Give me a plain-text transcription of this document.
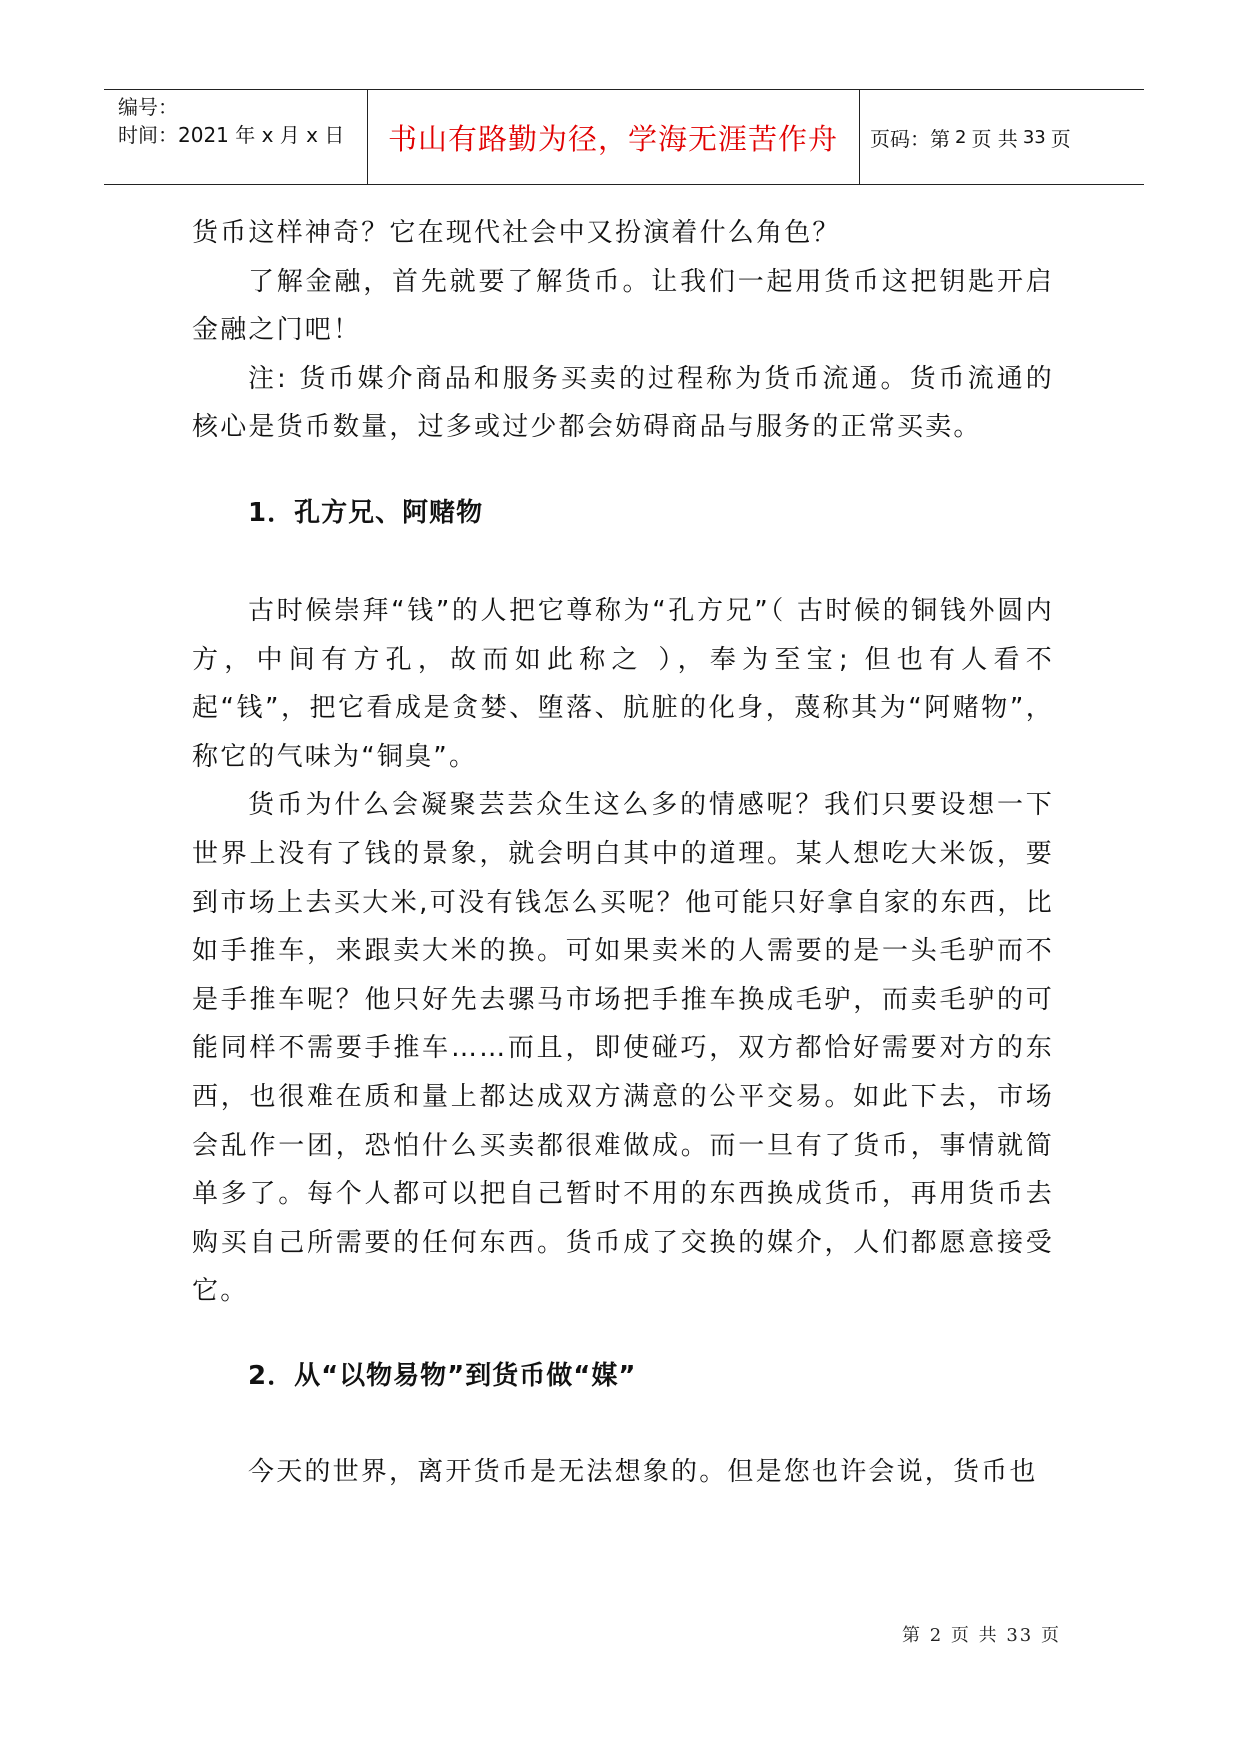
编号：
时间：2021 年 x 月 x 日	书山有路勤为径，学海无涯苦作舟	页码：第 2 页 共 33 页

货币这样神奇？它在现代社会中又扮演着什么角色？

了解金融，首先就要了解货币。让我们一起用货币这把钥匙开启金融之门吧！

注: 货币媒介商品和服务买卖的过程称为货币流通。货币流通的核心是货币数量，过多或过少都会妨碍商品与服务的正常买卖。

1．孔方兄、阿赌物

古时候崇拜“钱”的人把它尊称为“孔方兄”（ 古时候的铜钱外圆内方，中间有方孔，故而如此称之 ），奉为至宝; 但也有人看不起“钱”，把它看成是贪婪、堕落、肮脏的化身，蔑称其为“阿赌物”，称它的气味为“铜臭”。

货币为什么会凝聚芸芸众生这么多的情感呢？我们只要设想一下世界上没有了钱的景象，就会明白其中的道理。某人想吃大米饭，要到市场上去买大米,可没有钱怎么买呢？他可能只好拿自家的东西，比如手推车，来跟卖大米的换。可如果卖米的人需要的是一头毛驴而不是手推车呢？他只好先去骡马市场把手推车换成毛驴，而卖毛驴的可能同样不需要手推车……而且，即使碰巧，双方都恰好需要对方的东西，也很难在质和量上都达成双方满意的公平交易。如此下去，市场会乱作一团，恐怕什么买卖都很难做成。而一旦有了货币，事情就简单多了。每个人都可以把自己暂时不用的东西换成货币，再用货币去购买自己所需要的任何东西。货币成了交换的媒介，人们都愿意接受它。

2．从“以物易物”到货币做“媒”

今天的世界，离开货币是无法想象的。但是您也许会说，货币也

第 2 页 共 33 页
